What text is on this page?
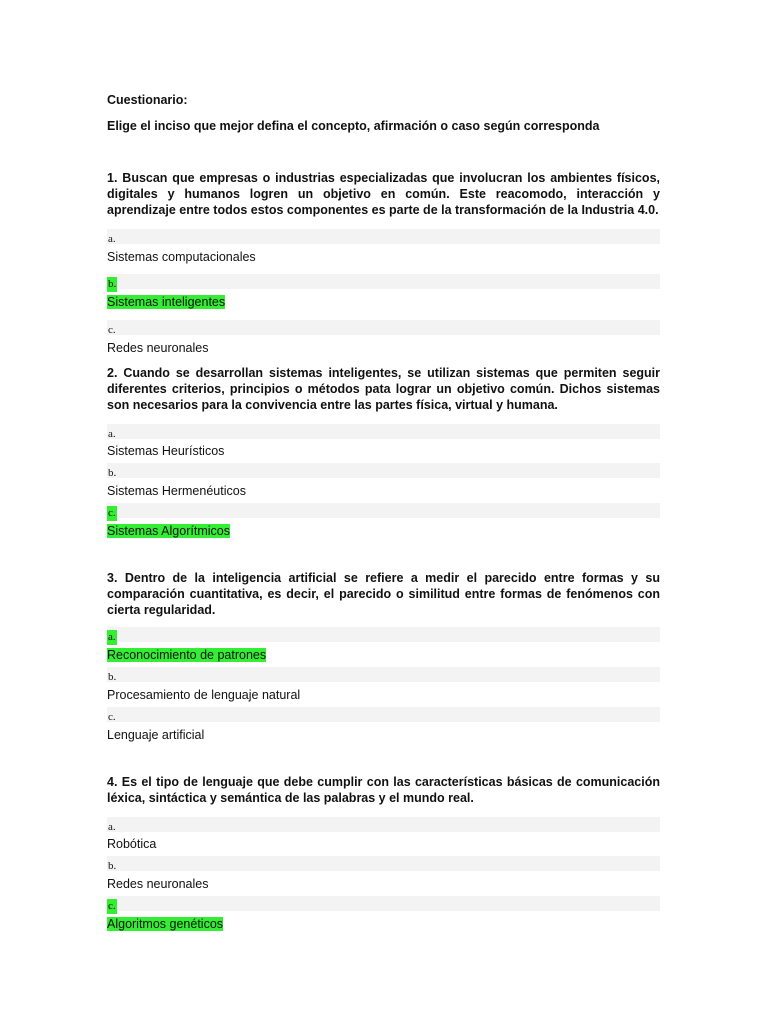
Cuestionario:
Elige el inciso que mejor defina el concepto, afirmación o caso según corresponda
1. Buscan que empresas o industrias especializadas que involucran los ambientes físicos, digitales y humanos logren un objetivo en común. Este reacomodo, interacción y aprendizaje entre todos estos componentes es parte de la transformación de la Industria 4.0.
a.
Sistemas computacionales
b.
Sistemas inteligentes
c.
Redes neuronales
2. Cuando se desarrollan sistemas inteligentes, se utilizan sistemas que permiten seguir diferentes criterios, principios o métodos pata lograr un objetivo común. Dichos sistemas son necesarios para la convivencia entre las partes física, virtual y humana.
a.
Sistemas Heurísticos
b.
Sistemas Hermenéuticos
c.
Sistemas Algorítmicos
3. Dentro de la inteligencia artificial se refiere a medir el parecido entre formas y su comparación cuantitativa, es decir, el parecido o similitud entre formas de fenómenos con cierta regularidad.
a.
Reconocimiento de patrones
b.
Procesamiento de lenguaje natural
c.
Lenguaje artificial
4. Es el tipo de lenguaje que debe cumplir con las características básicas de comunicación léxica, sintáctica y semántica de las palabras y el mundo real.
a.
Robótica
b.
Redes neuronales
c.
Algoritmos genéticos
